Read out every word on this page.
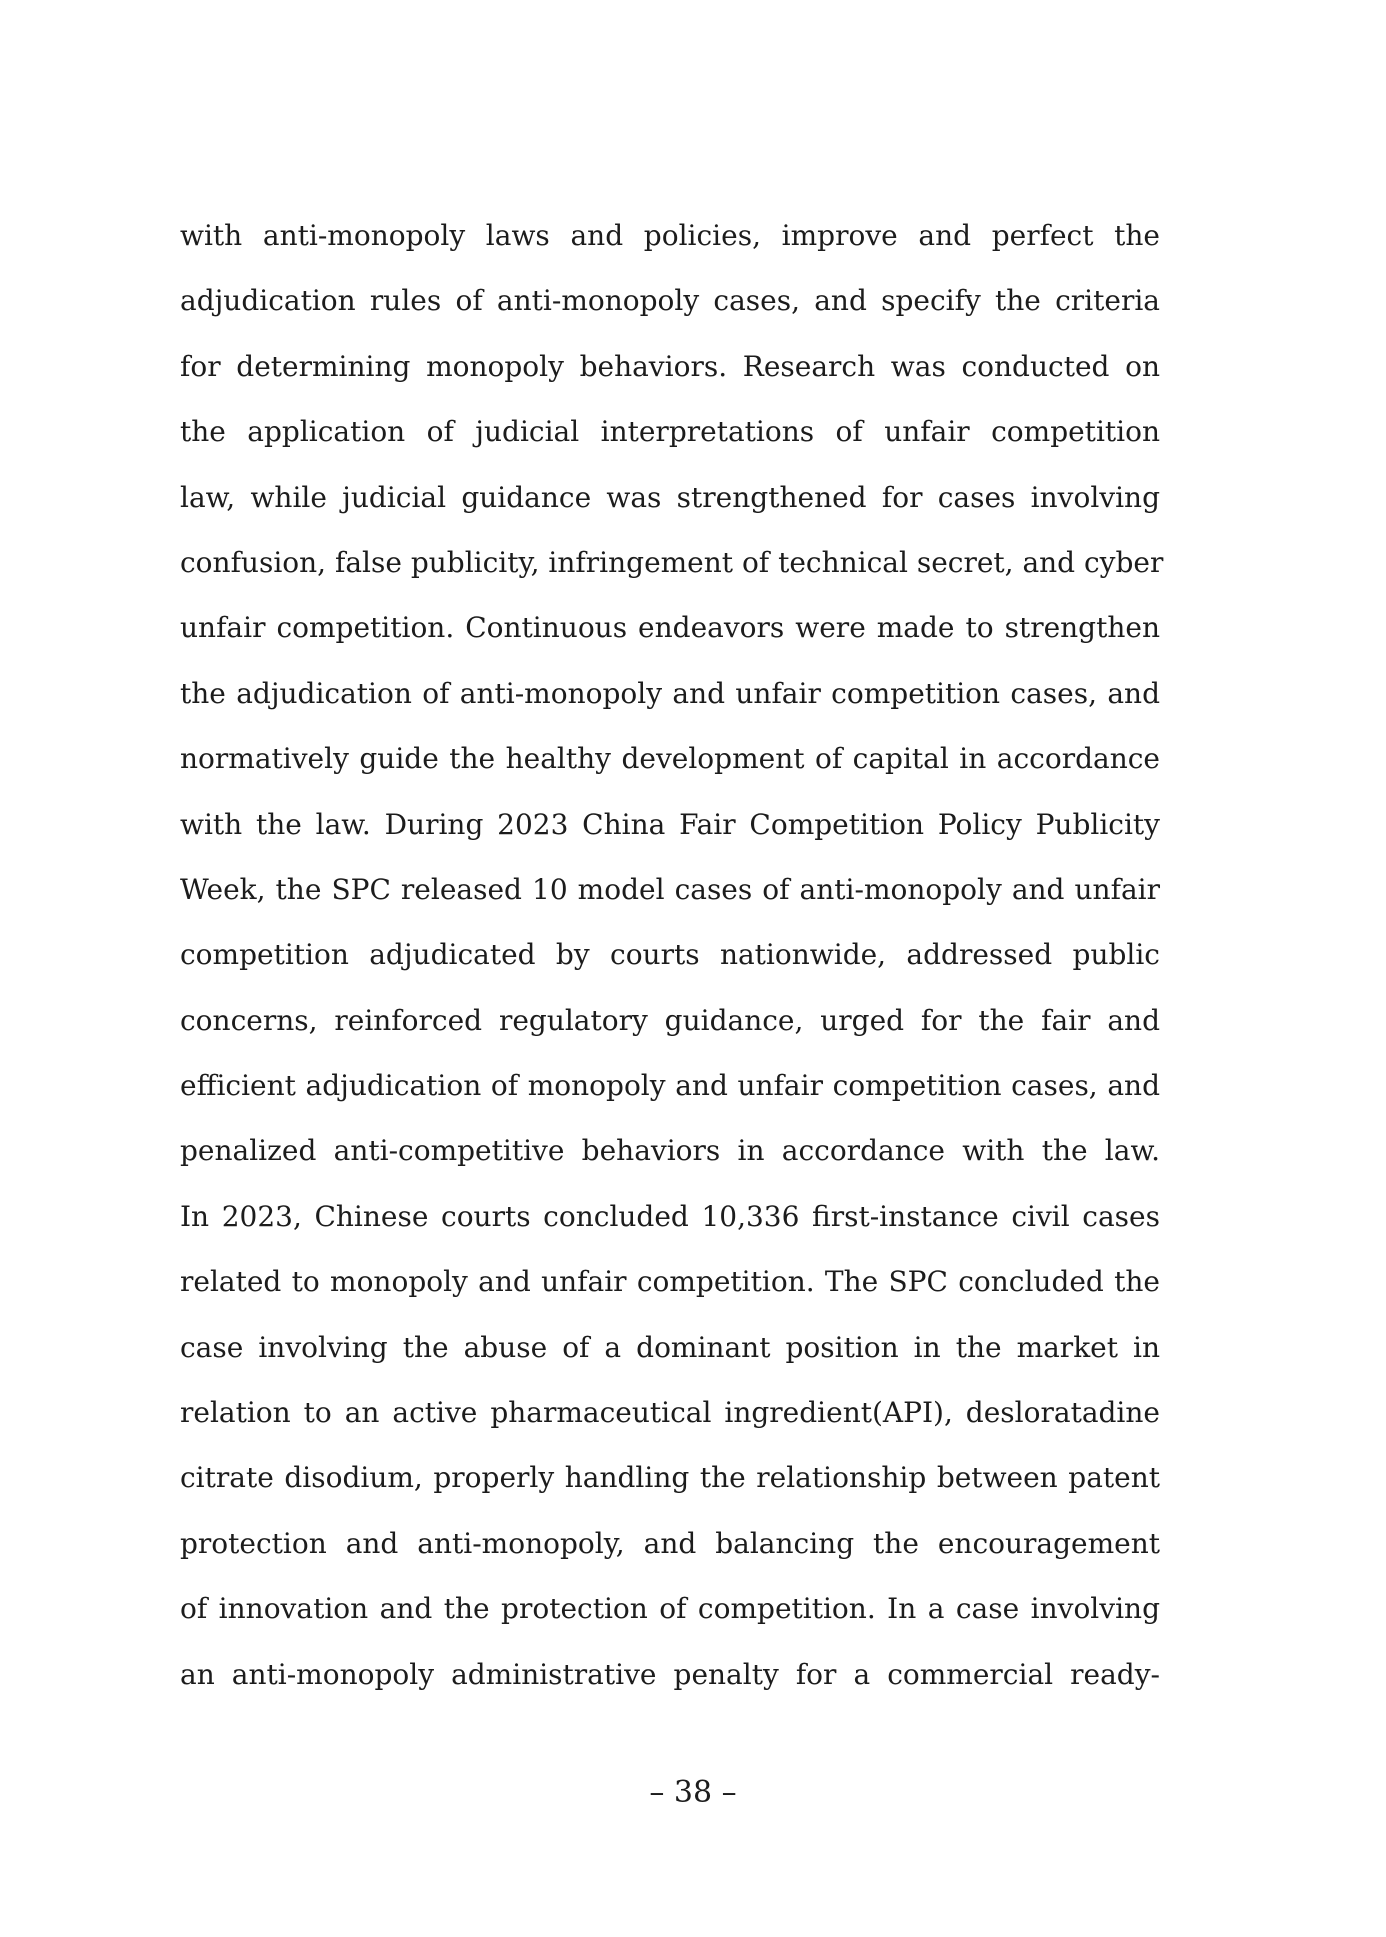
with anti-monopoly laws and policies, improve and perfect the
adjudication rules of anti-monopoly cases, and specify the criteria
for determining monopoly behaviors. Research was conducted on
the application of judicial interpretations of unfair competition
law, while judicial guidance was strengthened for cases involving
confusion, false publicity, infringement of technical secret, and cyber
unfair competition. Continuous endeavors were made to strengthen
the adjudication of anti-monopoly and unfair competition cases, and
normatively guide the healthy development of capital in accordance
with the law. During 2023 China Fair Competition Policy Publicity
Week, the SPC released 10 model cases of anti-monopoly and unfair
competition adjudicated by courts nationwide, addressed public
concerns, reinforced regulatory guidance, urged for the fair and
efficient adjudication of monopoly and unfair competition cases, and
penalized anti-competitive behaviors in accordance with the law.
In 2023, Chinese courts concluded 10,336 first-instance civil cases
related to monopoly and unfair competition. The SPC concluded the
case involving the abuse of a dominant position in the market in
relation to an active pharmaceutical ingredient(API), desloratadine
citrate disodium, properly handling the relationship between patent
protection and anti-monopoly, and balancing the encouragement
of innovation and the protection of competition. In a case involving
an anti-monopoly administrative penalty for a commercial ready-
– 38 –
